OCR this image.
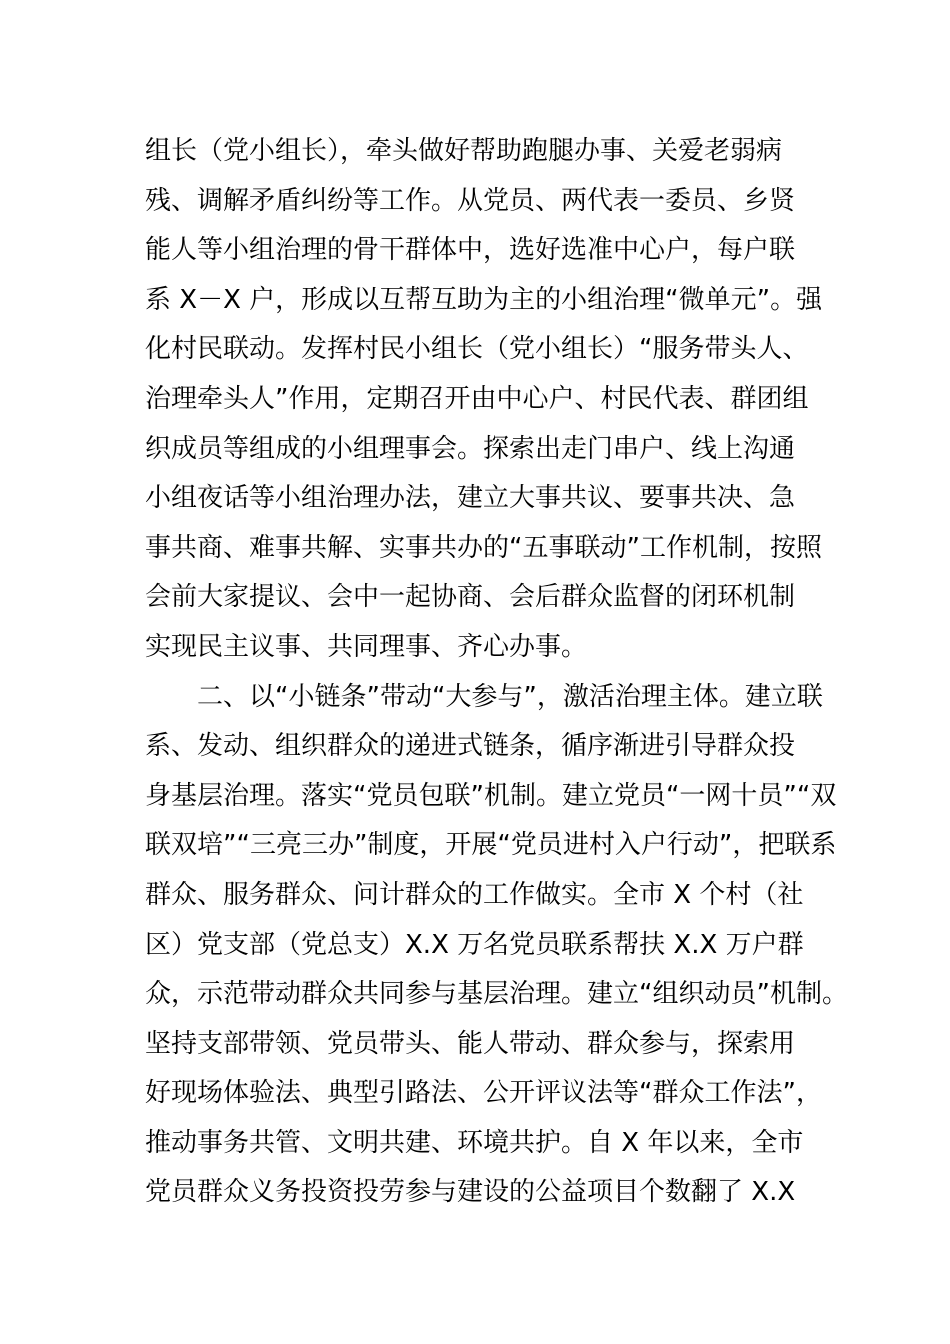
组长（党小组长），牵头做好帮助跑腿办事、关爱老弱病
残、调解矛盾纠纷等工作。从党员、两代表一委员、乡贤
能人等小组治理的骨干群体中，选好选准中心户，每户联
系 X－X 户，形成以互帮互助为主的小组治理“微单元”。强
化村民联动。发挥村民小组长（党小组长）“服务带头人、
治理牵头人”作用，定期召开由中心户、村民代表、群团组
织成员等组成的小组理事会。探索出走门串户、线上沟通
小组夜话等小组治理办法，建立大事共议、要事共决、急
事共商、难事共解、实事共办的“五事联动”工作机制，按照
会前大家提议、会中一起协商、会后群众监督的闭环机制
实现民主议事、共同理事、齐心办事。
　　二、以“小链条”带动“大参与”，激活治理主体。建立联
系、发动、组织群众的递进式链条，循序渐进引导群众投
身基层治理。落实“党员包联”机制。建立党员“一网十员”“双
联双培”“三亮三办”制度，开展“党员进村入户行动”，把联系
群众、服务群众、问计群众的工作做实。全市 X 个村（社
区）党支部（党总支）X.X 万名党员联系帮扶 X.X 万户群
众，示范带动群众共同参与基层治理。建立“组织动员”机制。
坚持支部带领、党员带头、能人带动、群众参与，探索用
好现场体验法、典型引路法、公开评议法等“群众工作法”，
推动事务共管、文明共建、环境共护。自 X 年以来，全市
党员群众义务投资投劳参与建设的公益项目个数翻了 X.X
